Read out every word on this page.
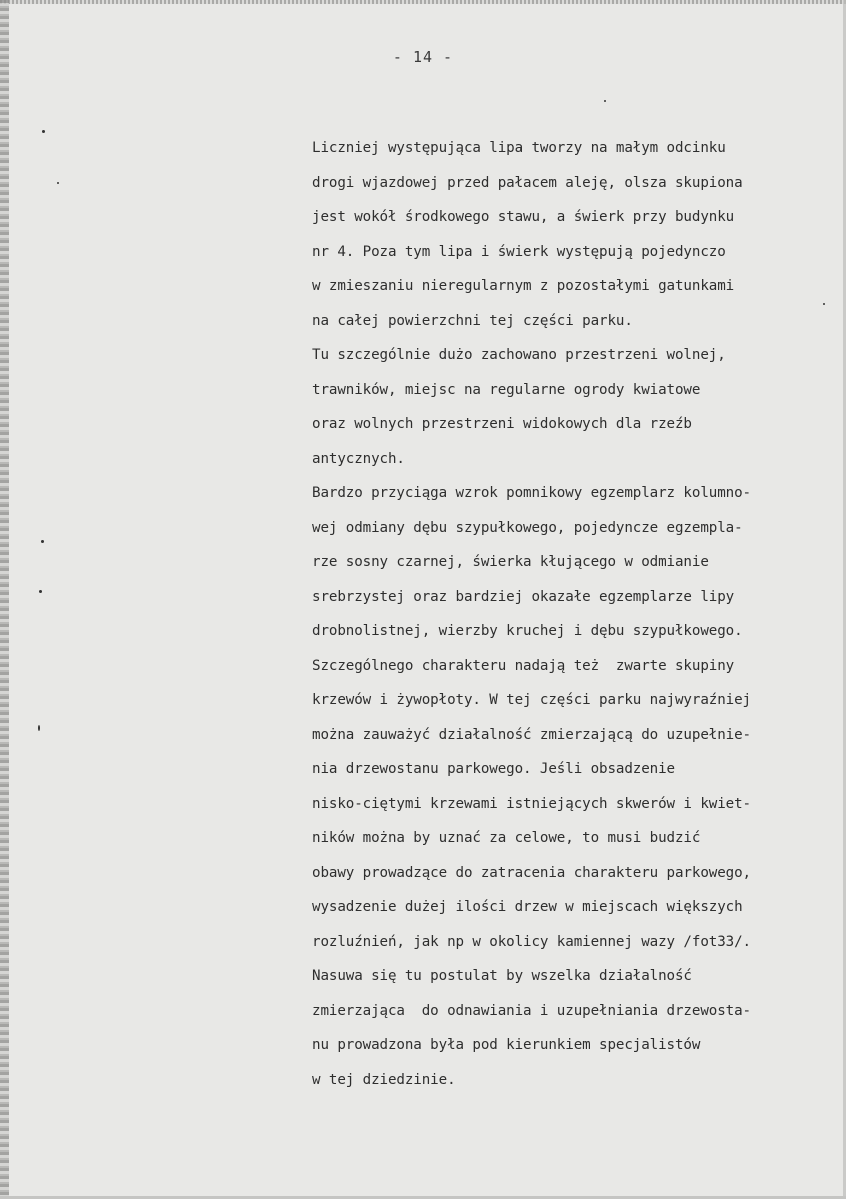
- 14 -
Liczniej występująca lipa tworzy na małym odcinku
drogi wjazdowej przed pałacem aleję, olsza skupiona
jest wokół środkowego stawu, a świerk przy budynku
nr 4. Poza tym lipa i świerk występują pojedynczo
w zmieszaniu nieregularnym z pozostałymi gatunkami
na całej powierzchni tej części parku.
Tu szczególnie dużo zachowano przestrzeni wolnej,
trawników, miejsc na regularne ogrody kwiatowe
oraz wolnych przestrzeni widokowych dla rzeźb
antycznych.
Bardzo przyciąga wzrok pomnikowy egzemplarz kolumno-
wej odmiany dębu szypułkowego, pojedyncze egzempla-
rze sosny czarnej, świerka kłującego w odmianie
srebrzystej oraz bardziej okazałe egzemplarze lipy
drobnolistnej, wierzby kruchej i dębu szypułkowego.
Szczególnego charakteru nadają też  zwarte skupiny
krzewów i żywopłoty. W tej części parku najwyraźniej
można zauważyć działalność zmierzającą do uzupełnie-
nia drzewostanu parkowego. Jeśli obsadzenie
nisko-ciętymi krzewami istniejących skwerów i kwiet-
ników można by uznać za celowe, to musi budzić
obawy prowadzące do zatracenia charakteru parkowego,
wysadzenie dużej ilości drzew w miejscach większych
rozluźnień, jak np w okolicy kamiennej wazy /fot33/.
Nasuwa się tu postulat by wszelka działalność
zmierzająca  do odnawiania i uzupełniania drzewosta-
nu prowadzona była pod kierunkiem specjalistów
w tej dziedzinie.
